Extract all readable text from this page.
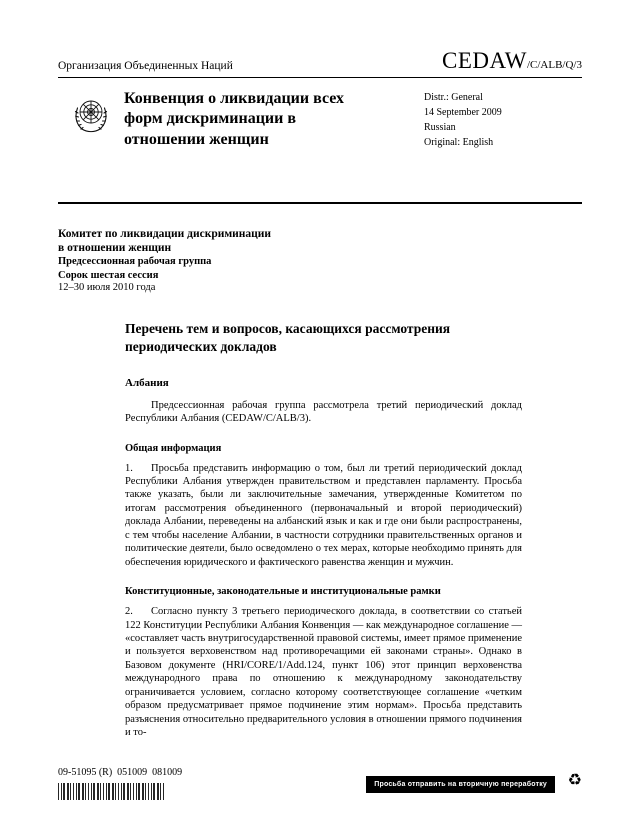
Организация Объединенных Наций	CEDAW/C/ALB/Q/3
Конвенция о ликвидации всех форм дискриминации в отношении женщин
Distr.: General
14 September 2009
Russian
Original: English
Комитет по ликвидации дискриминации
в отношении женщин
Предсессионная рабочая группа
Сорок шестая сессия
12–30 июля 2010 года
Перечень тем и вопросов, касающихся рассмотрения периодических докладов
Албания

Предсессионная рабочая группа рассмотрела третий периодический доклад Республики Албания (CEDAW/C/ALB/3).

Общая информация

1. Просьба представить информацию о том, был ли третий периодический доклад Республики Албания утвержден правительством и представлен парламенту. Просьба также указать, были ли заключительные замечания, утвержденные Комитетом по итогам рассмотрения объединенного (первоначальный и второй периодический) доклада Албании, переведены на албанский язык и как и где они были распространены, с тем чтобы население Албании, в частности сотрудники правительственных органов и политические деятели, было осведомлено о тех мерах, которые необходимо принять для обеспечения юридического и фактического равенства женщин и мужчин.

Конституционные, законодательные и институциональные рамки

2. Согласно пункту 3 третьего периодического доклада, в соответствии со статьей 122 Конституции Республики Албания Конвенция — как международное соглашение — «составляет часть внутригосударственной правовой системы, имеет прямое применение и пользуется верховенством над противоречащими ей законами страны». Однако в Базовом документе (HRI/CORE/1/Add.124, пункт 106) этот принцип верховенства международного права по отношению к международному законодательству ограничивается условием, согласно которому соответствующее соглашение «четким образом предусматривает прямое подчинение этим нормам». Просьба представить разъяснения относительно предварительного условия в отношении прямого подчинения и то-

09-51095 (R)  051009  081009
Просьба отправить на вторичную переработку	♻
